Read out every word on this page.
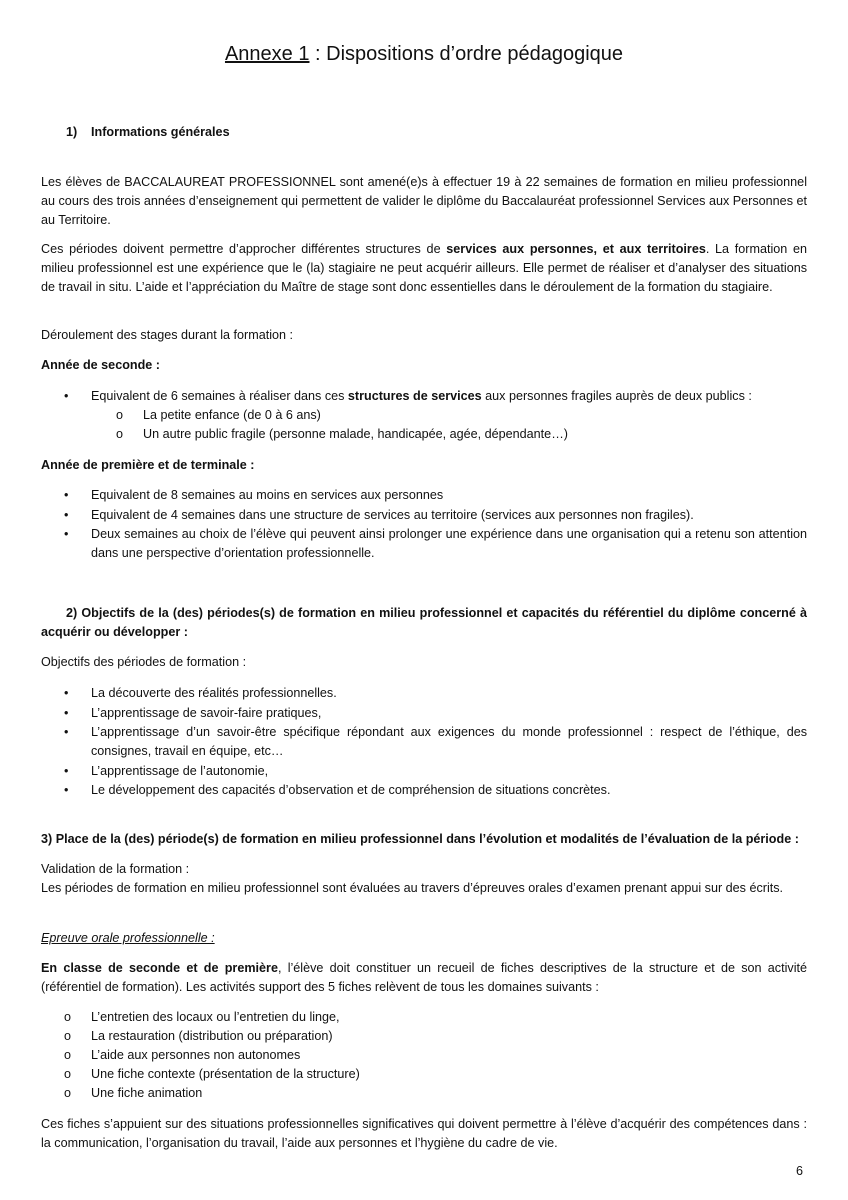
Annexe 1 : Dispositions d’ordre pédagogique
1) Informations générales
Les élèves de BACCALAUREAT PROFESSIONNEL sont amené(e)s à effectuer 19 à 22 semaines de formation en milieu professionnel au cours des trois années d’enseignement qui permettent de valider le diplôme du Baccalauréat professionnel Services aux Personnes et au Territoire.
Ces périodes doivent permettre d’approcher différentes structures de services aux personnes, et aux territoires. La formation en milieu professionnel est une expérience que le (la) stagiaire ne peut acquérir ailleurs. Elle permet de réaliser et d’analyser des situations de travail in situ. L’aide et l’appréciation du Maître de stage sont donc essentielles dans le déroulement de la formation du stagiaire.
Déroulement des stages durant la formation :
Année de seconde :
•	Equivalent de 6 semaines à réaliser dans ces structures de services aux personnes fragiles auprès de deux publics :
o La petite enfance (de 0 à 6 ans)
o Un autre public fragile (personne malade, handicapée, agée, dépendante…)
Année de première et de terminale :
•	Equivalent de 8 semaines au moins en services aux personnes
•	Equivalent de 4 semaines dans une structure de services au territoire (services aux personnes non fragiles).
•	Deux semaines au choix de l’élève qui peuvent ainsi prolonger une expérience dans une organisation qui a retenu son attention dans une perspective d’orientation professionnelle.
2) Objectifs de la (des) périodes(s) de formation en milieu professionnel et capacités du référentiel du diplôme concerné à acquérir ou développer :
Objectifs des périodes de formation :
•	La découverte des réalités professionnelles.
•	L’apprentissage de savoir-faire pratiques,
•	L’apprentissage d’un savoir-être spécifique répondant aux exigences du monde professionnel : respect de l’éthique, des consignes, travail en équipe, etc…
•	L’apprentissage de l’autonomie,
•	Le développement des capacités d’observation et de compréhension de situations concrètes.
3) Place de la (des) période(s) de formation en milieu professionnel dans l’évolution et modalités de l’évaluation de la période :
Validation de la formation :
Les périodes de formation en milieu professionnel sont évaluées au travers d’épreuves orales d’examen prenant appui sur des écrits.
Epreuve orale professionnelle :
En classe de seconde et de première, l’élève doit constituer un recueil de fiches descriptives de la structure et de son activité (référentiel de formation). Les activités support des 5 fiches relèvent de tous les domaines suivants :
o L’entretien des locaux ou l’entretien du linge,
o La restauration (distribution ou préparation)
o L’aide aux personnes non autonomes
o Une fiche contexte (présentation de la structure)
o Une fiche animation
Ces fiches s’appuient sur des situations professionnelles significatives qui doivent permettre à l’élève d’acquérir des compétences dans : la communication, l’organisation du travail, l’aide aux personnes et l’hygiène du cadre de vie.
6
